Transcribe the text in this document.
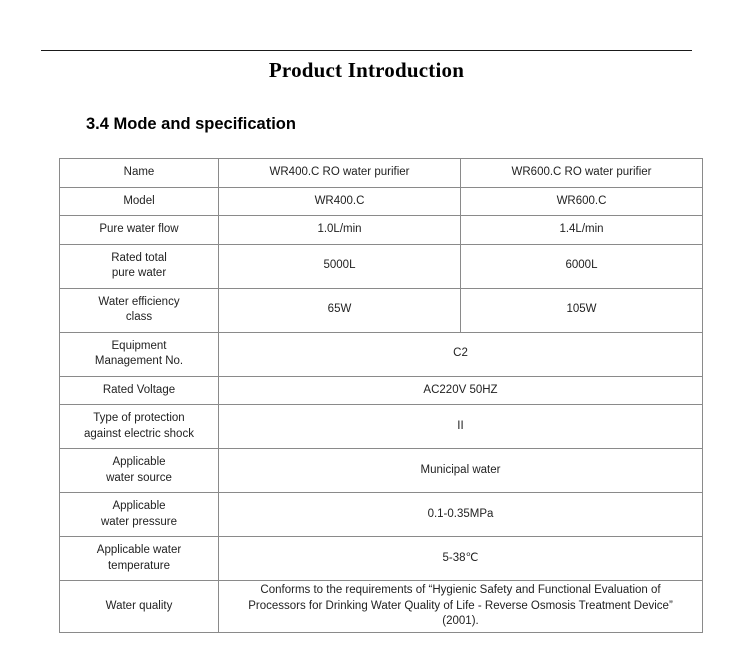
Product Introduction
3.4 Mode and specification
Name	WR400.C RO water purifier	WR600.C RO water purifier
Model	WR400.C	WR600.C
Pure water flow	1.0L/min	1.4L/min
Rated total
pure water	5000L	6000L
Water efficiency
class	65W	105W
Equipment
Management No.	C2	
Rated Voltage	AC220V 50HZ	
Type of protection
against electric shock	II	
Applicable
water source	Municipal water	
Applicable
water pressure	0.1-0.35MPa	
Applicable water
temperature	5-38℃	
Water quality	Conforms to the requirements of “Hygienic Safety and Functional Evaluation of Processors for Drinking Water Quality of Life - Reverse Osmosis Treatment Device” (2001).	
